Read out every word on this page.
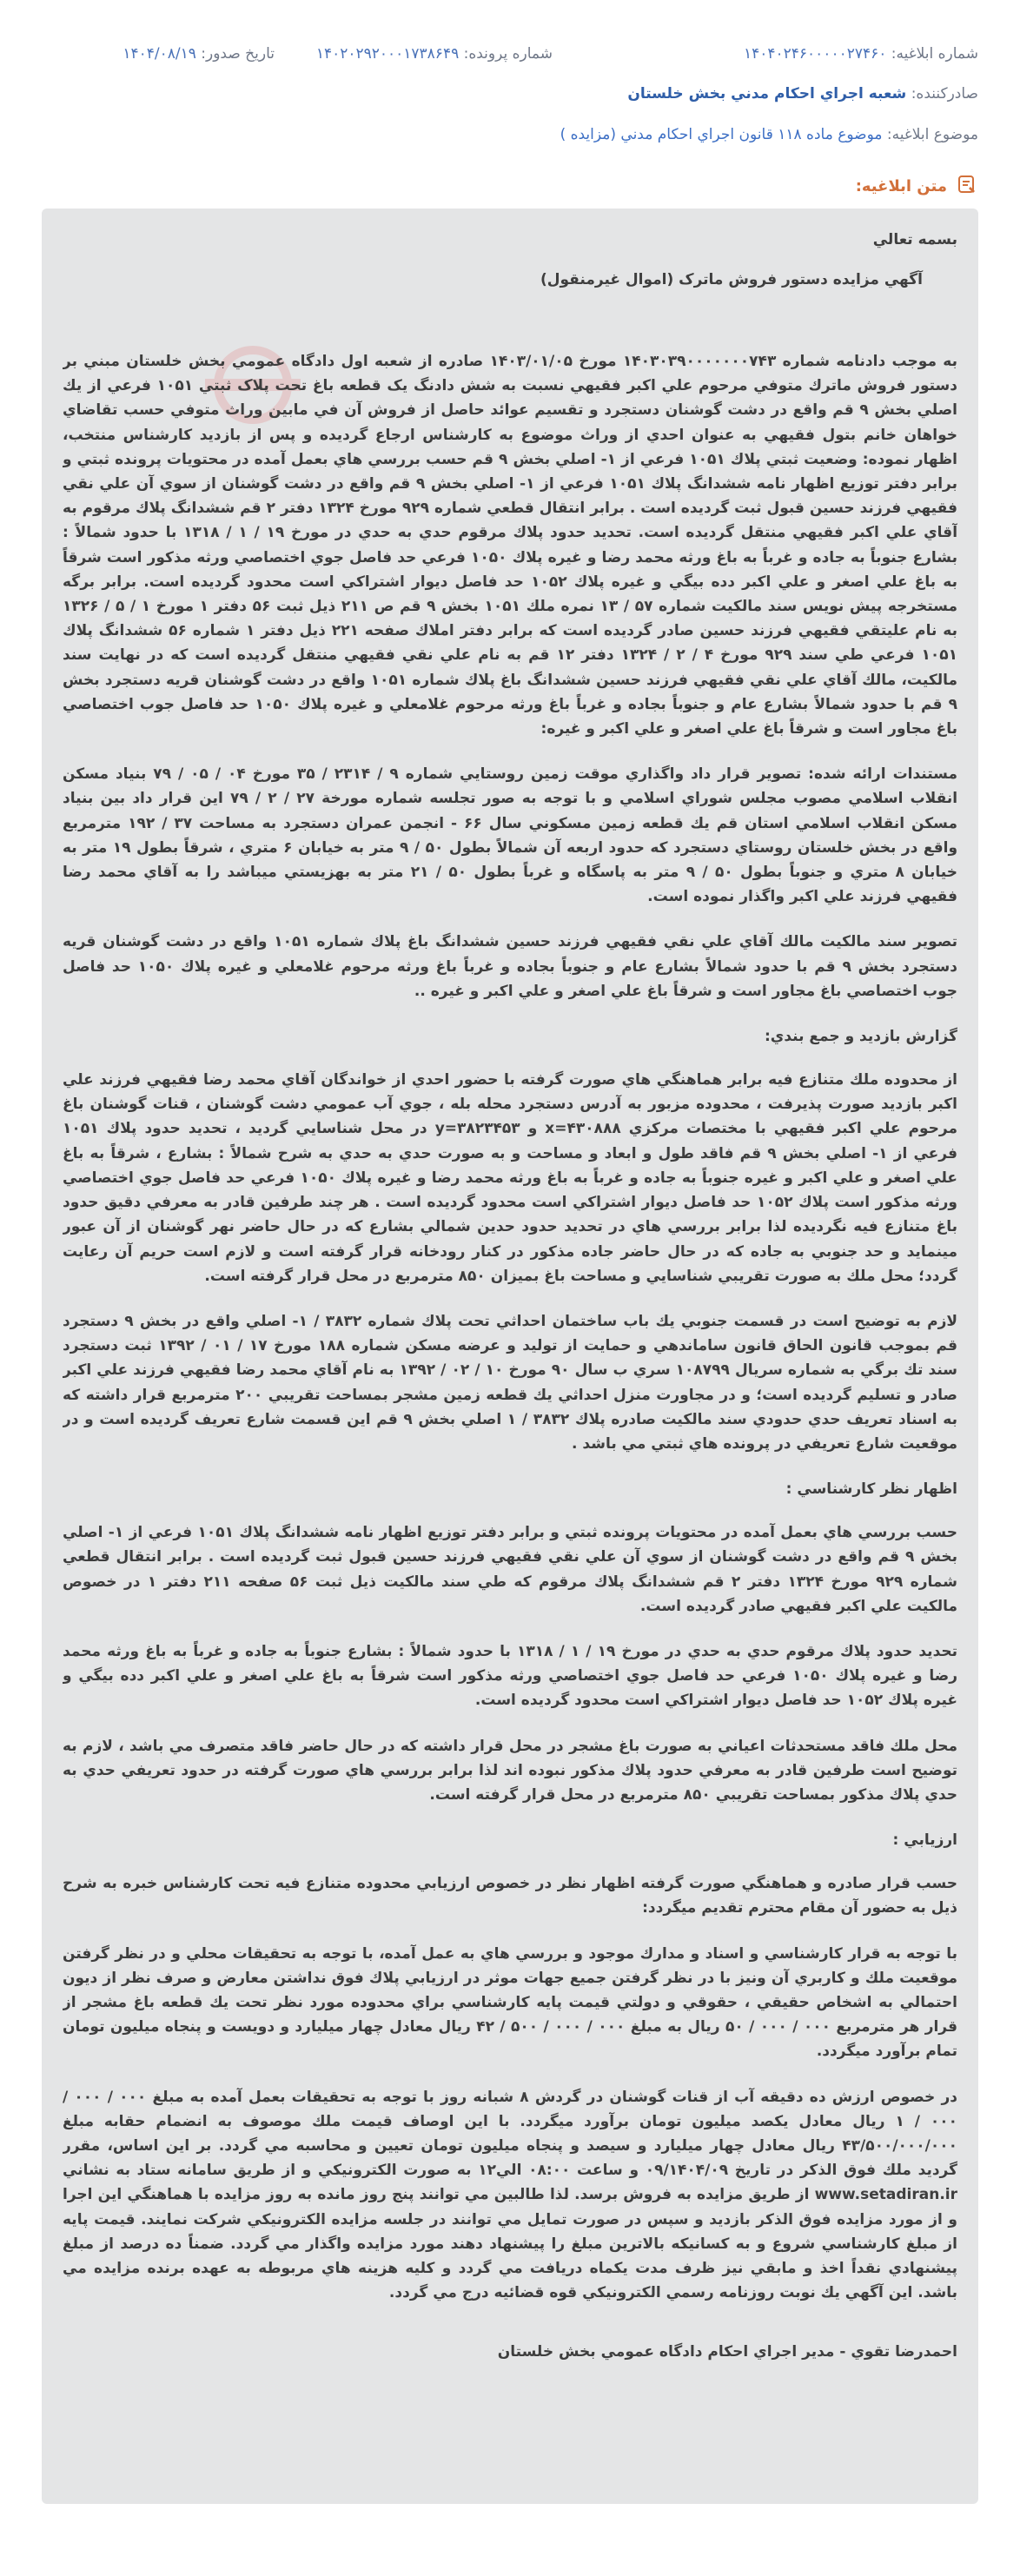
شماره ابلاغیه: ۱۴۰۴۰۲۴۶۰۰۰۰۰۲۷۴۶۰
شماره پرونده: ۱۴۰۲۰۲۹۲۰۰۰۱۷۳۸۶۴۹
تاریخ صدور: ۱۴۰۴/۰۸/۱۹
صادرکننده: شعبه اجراي احكام مدني بخش خلستان
موضوع ابلاغیه: موضوع ماده ۱۱۸ قانون اجراي احكام مدني (مزايده )
متن ابلاغیه:
بسمه تعالي
آگهي مزايده دستور فروش ماترک (اموال غيرمنقول)

به موجب دادنامه شماره ۱۴۰۳۰۳۹۰۰۰۰۰۰۰۷۴۳ مورخ ۱۴۰۳/۰۱/۰۵ صادره از شعبه اول دادگاه عمومي بخش خلستان مبني بر دستور فروش ماترك متوفي مرحوم علي اكبر فقيهي نسبت به شش دادنگ يک قطعه باغ تحت پلاک ثبتي ۱۰۵۱ فرعي از يك اصلي بخش ۹ قم واقع در دشت گوشنان دستجرد و تقسيم عوائد حاصل از فروش آن في مابين وراث متوفي حسب تقاضاي خواهان خانم بتول فقيهي به عنوان احدي از وراث موضوع به كارشناس ارجاع گرديده و پس از بازديد كارشناس منتخب، اظهار نموده: وضعيت ثبتي پلاك ۱۰۵۱ فرعي از ۱- اصلي بخش ۹ قم حسب بررسي هاي بعمل آمده در محتويات پرونده ثبتي و برابر دفتر توزيع اظهار نامه ششدانگ پلاك ۱۰۵۱ فرعي از ۱- اصلي بخش ۹ قم واقع در دشت گوشنان از سوي آن علي نقي فقيهي فرزند حسين قبول ثبت گرديده است . برابر انتقال قطعي شماره ۹۲۹ مورخ ۱۳۲۴ دفتر ۲ قم ششدانگ پلاك مرقوم به آقاي علي اكبر فقيهي منتقل گرديده است. تحديد حدود پلاك مرقوم حدي به حدي در مورخ ۱۹ / ۱ / ۱۳۱۸ با حدود شمالاً : بشارع جنوباً به جاده و غرباً به باغ ورثه محمد رضا و غيره پلاك ۱۰۵۰ فرعي حد فاصل جوي اختصاصي ورثه مذكور است شرقاً به باغ علي اصغر و علي اكبر دده بيگي و غيره پلاك ۱۰۵۲ حد فاصل ديوار اشتراكي است محدود گرديده است. برابر برگه مستخرجه پيش نويس سند مالكيت شماره ۵۷ / ۱۳ نمره ملك ۱۰۵۱ بخش ۹ قم ص ۲۱۱ ذيل ثبت ۵۶ دفتر ۱ مورخ ۱ / ۵ / ۱۳۲۶ به نام عليتقي فقيهي فرزند حسين صادر گرديده است كه برابر دفتر املاك صفحه ۲۲۱ ذيل دفتر ۱ شماره ۵۶ ششدانگ پلاك ۱۰۵۱ فرعي طي سند ۹۲۹ مورخ ۴ / ۲ / ۱۳۲۴ دفتر ۱۲ قم به نام علي نقي فقيهي منتقل گرديده است كه در نهايت سند مالكيت، مالك آقاي علي نقي فقيهي فرزند حسين ششدانگ باغ پلاك شماره ۱۰۵۱ واقع در دشت گوشنان قريه دستجرد بخش ۹ قم با حدود شمالاً بشارع عام و جنوباً بجاده و غرباً باغ ورثه مرحوم غلامعلي و غيره پلاك ۱۰۵۰ حد فاصل جوب اختصاصي باغ مجاور است و شرقاً باغ علي اصغر و علي اكبر و غيره:

مستندات ارائه شده: تصوير قرار داد واگذاري موقت زمين روستايي شماره ۹ / ۲۳۱۴ / ۳۵ مورخ ۰۴ / ۰۵ / ۷۹ بنياد مسكن انقلاب اسلامي مصوب مجلس شوراي اسلامي و با توجه به صور تجلسه شماره مورخة ۲۷ / ۲ / ۷۹ اين قرار داد بين بنياد مسكن انقلاب اسلامي استان قم يك قطعه زمين مسكوني سال ۶۶ - انجمن عمران دستجرد به مساحت ۳۷ / ۱۹۲ مترمربع واقع در بخش خلستان روستاي دستجرد که حدود اربعه آن شمالاً بطول ۵۰ / ۹ متر به خيابان ۶ متري ، شرقاً بطول ۱۹ متر به خيابان ۸ متري و جنوباً بطول ۵۰ / ۹ متر به پاسگاه و غرباً بطول ۵۰ / ۲۱ متر به بهزيستي ميباشد را به آقاي محمد رضا فقيهي فرزند علي اكبر واگذار نموده است.

تصوير سند مالكيت مالك آقاي علي نقي فقيهي فرزند حسين ششدانگ باغ پلاك شماره ۱۰۵۱ واقع در دشت گوشنان قريه دستجرد بخش ۹ قم با حدود شمالاً بشارع عام و جنوباً بجاده و غرباً باغ ورثه مرحوم غلامعلي و غيره پلاك ۱۰۵۰ حد فاصل جوب اختصاصي باغ مجاور است و شرقاً باغ علي اصغر و علي اكبر و غيره ..

گزارش بازديد و جمع بندي:

از محدوده ملك متنازع فيه برابر هماهنگي هاي صورت گرفته با حضور احدي از خواندگان آقاي محمد رضا فقيهي فرزند علي اكبر بازديد صورت پذيرفت ، محدوده مزبور به آدرس دستجرد محله بله ، جوي آب عمومي دشت گوشنان ، قنات گوشنان باغ مرحوم علي اكبر فقيهي با مختصات مركزي ۴۳۰۸۸۸=x و ۳۸۲۳۴۵۳=y در محل شناسايي گرديد ، تحديد حدود پلاك ۱۰۵۱ فرعي از ۱- اصلي بخش ۹ قم فاقد طول و ابعاد و مساحت و به صورت حدي به حدي به شرح شمالاً : بشارع ، شرقاً به باغ علي اصغر و علي اكبر و غيره جنوباً به جاده و غرباً به باغ ورثه محمد رضا و غيره پلاك ۱۰۵۰ فرعي حد فاصل جوي اختصاصي ورثه مذكور است پلاك ۱۰۵۲ حد فاصل ديوار اشتراكي است محدود گرديده است . هر چند طرفين قادر به معرفي دقيق حدود باغ متنازع فيه نگرديده لذا برابر بررسي هاي در تحديد حدود حدين شمالي بشارع كه در حال حاضر نهر گوشنان از آن عبور مينمايد و حد جنوبي به جاده كه در حال حاضر جاده مذكور در كنار رودخانه قرار گرفته است و لازم است حريم آن رعايت گردد؛ محل ملك به صورت تقريبي شناسايي و مساحت باغ بميزان ۸۵۰ مترمربع در محل قرار گرفته است.

لازم به توضيح است در قسمت جنوبي يك باب ساختمان احداثي تحت پلاك شماره ۳۸۳۲ / ۱- اصلي واقع در بخش ۹ دستجرد قم بموجب قانون الحاق قانون ساماندهي و حمايت از توليد و عرضه مسكن شماره ۱۸۸ مورخ ۱۷ / ۰۱ / ۱۳۹۲ ثبت دستجرد سند تك برگي به شماره سريال ۱۰۸۷۹۹ سري ب سال ۹۰ مورخ ۱۰ / ۰۲ / ۱۳۹۲ به نام آقاي محمد رضا فقيهي فرزند علي اكبر صادر و تسليم گرديده است؛ و در مجاورت منزل احداثي يك قطعه زمين مشجر بمساحت تقريبي ۲۰۰ مترمربع قرار داشته كه به اسناد تعريف حدي حدودي سند مالكيت صادره پلاك ۳۸۳۲ / ۱ اصلي بخش ۹ قم اين قسمت شارع تعريف گرديده است و در موقعيت شارع تعريفي در پرونده هاي ثبتي مي باشد .

اظهار نظر كارشناسي :

حسب بررسي هاي بعمل آمده در محتويات پرونده ثبتي و برابر دفتر توزيع اظهار نامه ششدانگ پلاك ۱۰۵۱ فرعي از ۱- اصلي بخش ۹ قم واقع در دشت گوشنان از سوي آن علي نقي فقيهي فرزند حسين قبول ثبت گرديده است . برابر انتقال قطعي شماره ۹۲۹ مورخ ۱۳۲۴ دفتر ۲ قم ششدانگ پلاك مرقوم كه طي سند مالكيت ذيل ثبت ۵۶ صفحه ۲۱۱ دفتر ۱ در خصوص مالكيت علي اكبر فقيهي صادر گرديده است.

تحديد حدود پلاك مرقوم حدي به حدي در مورخ ۱۹ / ۱ / ۱۳۱۸ با حدود شمالاً : بشارع جنوباً به جاده و غرباً به باغ ورثه محمد رضا و غيره پلاك ۱۰۵۰ فرعي حد فاصل جوي اختصاصي ورثه مذكور است شرقاً به باغ علي اصغر و علي اكبر دده بيگي و غيره پلاك ۱۰۵۲ حد فاصل ديوار اشتراكي است محدود گرديده است.

محل ملك فاقد مستحدثات اعياني به صورت باغ مشجر در محل قرار داشته كه در حال حاضر فاقد متصرف مي باشد ، لازم به توضيح است طرفين قادر به معرفي حدود پلاك مذكور نبوده اند لذا برابر بررسي هاي صورت گرفته در حدود تعريفي حدي به حدي پلاك مذكور بمساحت تقريبي ۸۵۰ مترمربع در محل قرار گرفته است.

ارزيابي :

حسب قرار صادره و هماهنگي صورت گرفته اظهار نظر در خصوص ارزيابي محدوده متنازع فيه تحت كارشناس خبره به شرح ذيل به حضور آن مقام محترم تقديم ميگردد:

با توجه به قرار كارشناسي و اسناد و مدارك موجود و بررسي هاي به عمل آمده، با توجه به تحقيقات محلي و در نظر گرفتن موقعيت ملك و كاربري آن ونيز با در نظر گرفتن جميع جهات موثر در ارزيابي پلاك فوق نداشتن معارض و صرف نظر از ديون احتمالي به اشخاص حقيقي ، حقوقي و دولتي قيمت پايه كارشناسي براي محدوده مورد نظر تحت يك قطعه باغ مشجر از قرار هر مترمربع ۰۰۰ / ۰۰۰ / ۵۰ ريال به مبلغ ۰۰۰ / ۰۰۰ / ۵۰۰ / ۴۲ ريال معادل چهار ميليارد و دويست و پنجاه ميليون تومان تمام برآورد ميگردد.

در خصوص ارزش ده دقيقه آب از قنات گوشنان در گردش ۸ شبانه روز با توجه به تحقيقات بعمل آمده به مبلغ ۰۰۰ / ۰۰۰ / ۰۰۰ / ۱ ريال معادل يكصد ميليون تومان برآورد ميگردد. با اين اوصاف قيمت ملك موصوف به انضمام حقابه مبلغ ۴۳/۵۰۰/۰۰۰/۰۰۰ ريال معادل چهار ميليارد و سيصد و پنجاه ميليون تومان تعيين و محاسبه مي گردد. بر اين اساس، مقرر گرديد ملك فوق الذكر در تاريخ ۰۹/۱۴۰۴/۰۹ و ساعت ۰۸:۰۰ الي۱۲ به صورت الكترونيكي و از طريق سامانه ستاد به نشاني www.setadiran.ir از طريق مزايده به فروش برسد. لذا طالبين مي توانند پنج روز مانده به روز مزايده با هماهنگي اين اجرا و از مورد مزايده فوق الذكر بازديد و سپس در صورت تمايل مي توانند در جلسه مزايده الكترونيكي شركت نمايند. قيمت پايه از مبلغ كارشناسي شروع و به كسانيكه بالاترين مبلغ را پيشنهاد دهند مورد مزايده واگذار مي گردد. ضمناً ده درصد از مبلغ پيشنهادي نقداً اخذ و مابقي نيز ظرف مدت يكماه دريافت مي گردد و كليه هزينه هاي مربوطه به عهده برنده مزايده مي باشد. اين آگهي يك نوبت روزنامه رسمي الكترونيكي قوه قضائيه درج مي گردد.

احمدرضا تقوي - مدير اجراي احكام دادگاه عمومي بخش خلستان
